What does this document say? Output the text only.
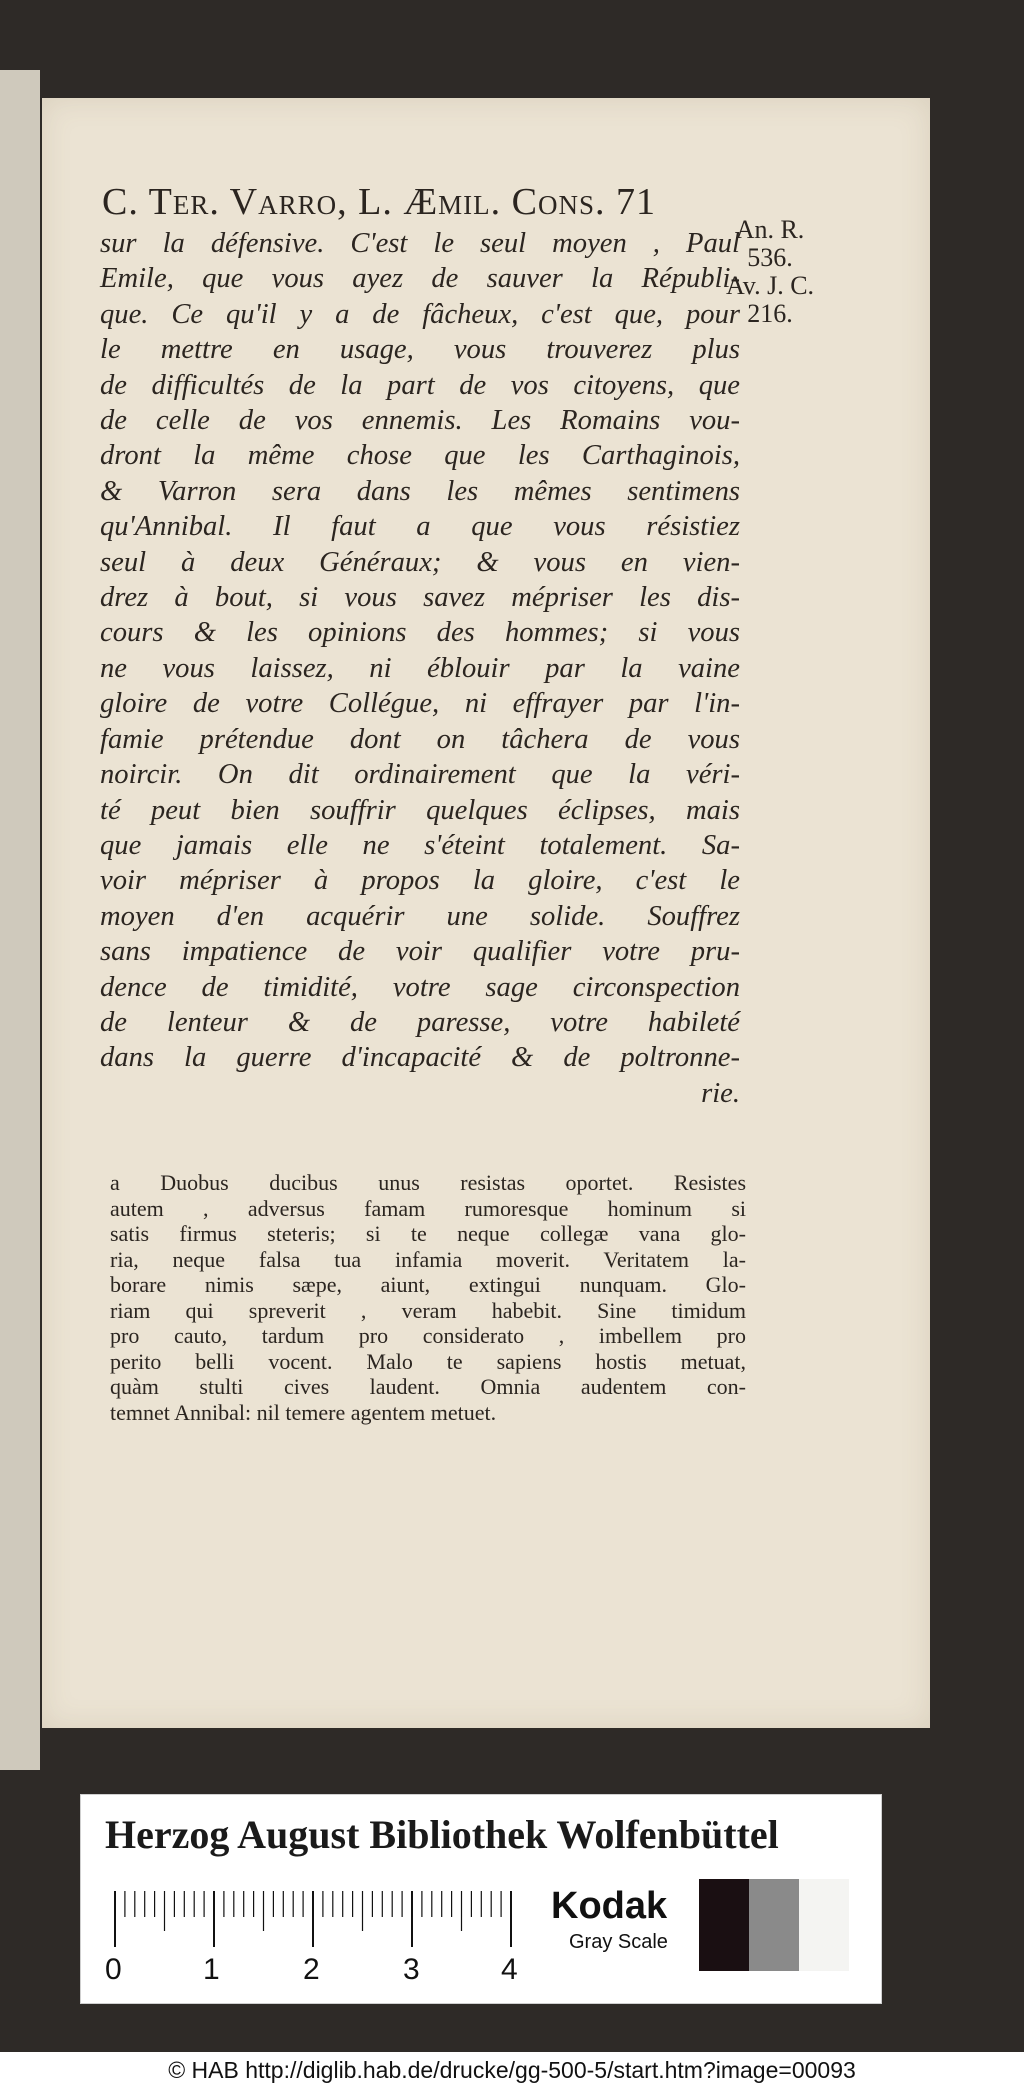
C. Ter. Varro, L. Æmil. Cons. 71
An. R.
536.
Av. J. C.
216.
sur la défensive. C'est le seul moyen , Paul
Emile, que vous ayez de sauver la Républi-
que. Ce qu'il y a de fâcheux, c'est que, pour
le mettre en usage, vous trouverez plus
de difficultés de la part de vos citoyens, que
de celle de vos ennemis. Les Romains vou-
dront la même chose que les Carthaginois,
& Varron sera dans les mêmes sentimens
qu'Annibal. Il faut a que vous résistiez
seul à deux Généraux; & vous en vien-
drez à bout, si vous savez mépriser les dis-
cours & les opinions des hommes; si vous
ne vous laissez, ni éblouir par la vaine
gloire de votre Collégue, ni effrayer par l'in-
famie prétendue dont on tâchera de vous
noircir. On dit ordinairement que la véri-
té peut bien souffrir quelques éclipses, mais
que jamais elle ne s'éteint totalement. Sa-
voir mépriser à propos la gloire, c'est le
moyen d'en acquérir une solide. Souffrez
sans impatience de voir qualifier votre pru-
dence de timidité, votre sage circonspection
de lenteur & de paresse, votre habileté
dans la guerre d'incapacité & de poltronne-
rie.
a Duobus ducibus unus resistas oportet. Resistes
autem , adversus famam rumoresque hominum si
satis firmus steteris; si te neque collegæ vana glo-
ria, neque falsa tua infamia moverit. Veritatem la-
borare nimis sæpe, aiunt, extingui nunquam. Glo-
riam qui spreverit , veram habebit. Sine timidum
pro cauto, tardum pro considerato , imbellem pro
perito belli vocent. Malo te sapiens hostis metuat,
quàm stulti cives laudent. Omnia audentem con-
temnet Annibal: nil temere agentem metuet.
Herzog August Bibliothek Wolfenbüttel
0	1	2	3	4
Kodak
Gray Scale
© HAB http://diglib.hab.de/drucke/gg-500-5/start.htm?image=00093
